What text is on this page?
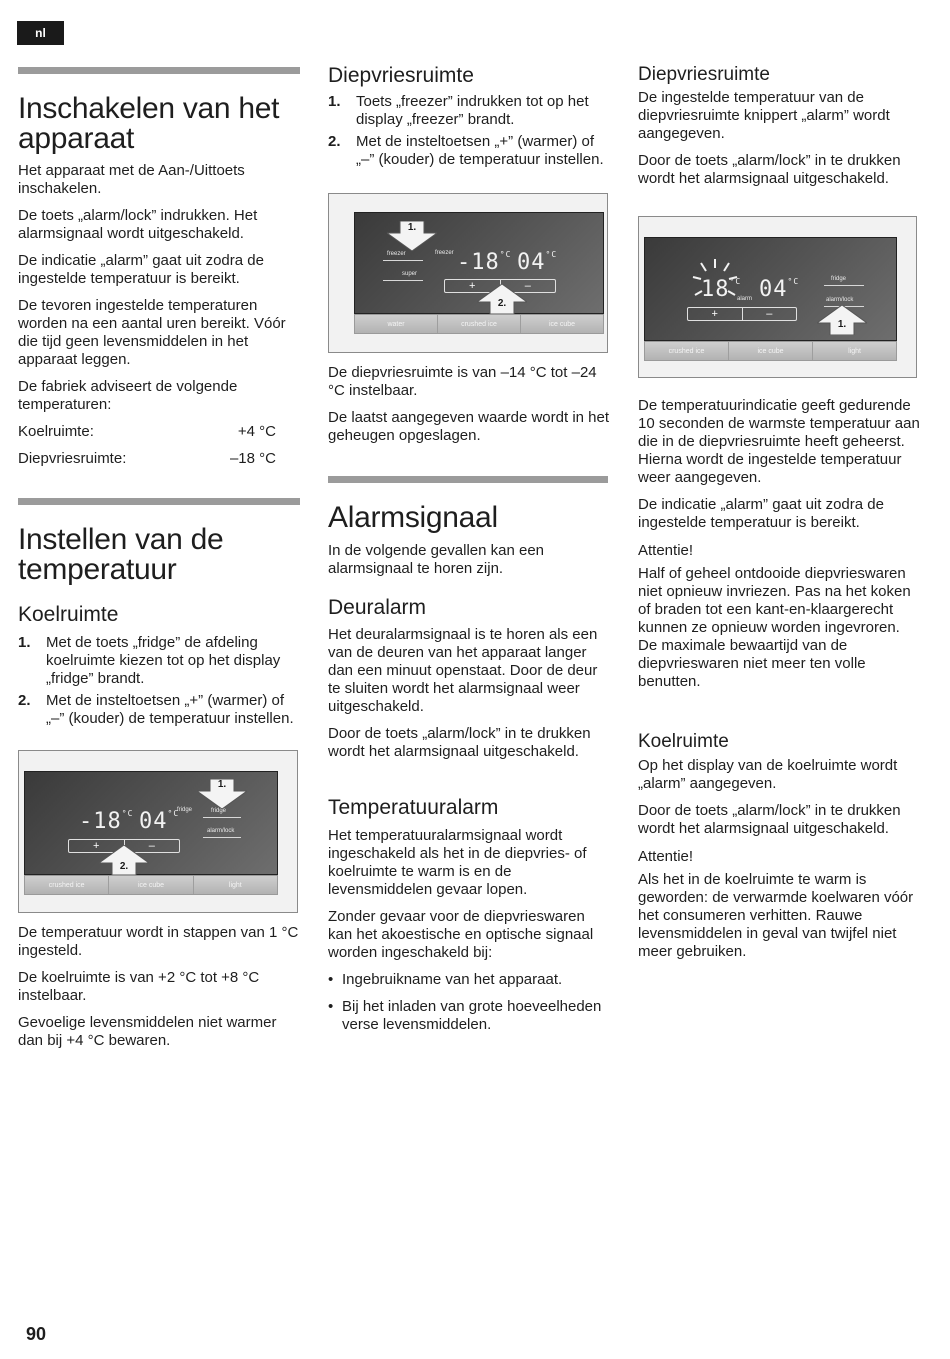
nl
Inschakelen van het apparaat

Het apparaat met de Aan-/Uittoets inschakelen.

De toets „alarm/lock” indrukken. Het alarmsignaal wordt uitgeschakeld.

De indicatie „alarm” gaat uit zodra de ingestelde temperatuur is bereikt.

De tevoren ingestelde temperaturen worden na een aantal uren bereikt. Vóór die tijd geen levensmiddelen in het apparaat leggen.

De fabriek adviseert de volgende temperaturen:

Koelruimte:	+4 °C
Diepvriesruimte:	–18 °C
Instellen van de temperatuur
Koelruimte
1. Met de toets „fridge” de afdeling koelruimte kiezen tot op het display „fridge” brandt.
2. Met de insteltoetsen „+” (warmer) of „–” (kouder) de temperatuur instellen.

De temperatuur wordt in stappen van 1 °C ingesteld.

De koelruimte is van +2 °C tot +8 °C instelbaar.

Gevoelige levensmiddelen niet warmer dan bij +4 °C bewaren.

$-18^{^\circ C}$ $04^{^\circ C}$
fridge	fridge
alarm/lock
+	–
1.
2.
crushed ice	ice cube	light
Diepvriesruimte
1. Toets „freezer” indrukken tot op het display „freezer” brandt.
2. Met de insteltoetsen „+” (warmer) of „–” (kouder) de temperatuur instellen.

De diepvriesruimte is van –14 °C tot –24 °C instelbaar.

De laatst aangegeven waarde wordt in het geheugen opgeslagen.

Alarmsignaal

In de volgende gevallen kan een alarmsignaal te horen zijn.

Deuralarm

Het deuralarmsignaal is te horen als een van de deuren van het apparaat langer dan een minuut openstaat. Door de deur te sluiten wordt het alarmsignaal weer uitgeschakeld.

Door de toets „alarm/lock” in te drukken wordt het alarmsignaal uitgeschakeld.

Temperatuuralarm

Het temperatuuralarmsignaal wordt ingeschakeld als het in de diepvries- of koelruimte te warm is en de levensmiddelen gevaar lopen.

Zonder gevaar voor de diepvrieswaren kan het akoestische en optische signaal worden ingeschakeld bij:

• Ingebruikname van het apparaat.
• Bij het inladen van grote hoeveelheden verse levensmiddelen.
freezer
super
freezer $-18^{^\circ C}$ $04^{^\circ C}$
+	–
1.
2.
water	crushed ice	ice cube
Diepvriesruimte

De ingestelde temperatuur van de diepvriesruimte knippert „alarm” wordt aangegeven.

Door de toets „alarm/lock” in te drukken wordt het alarmsignaal uitgeschakeld.

De temperatuurindicatie geeft gedurende 10 seconden de warmste temperatuur aan die in de diepvriesruimte heeft geheerst. Hierna wordt de ingestelde temperatuur weer aangegeven.

De indicatie „alarm” gaat uit zodra de ingestelde temperatuur is bereikt.

Attentie!

Half of geheel ontdooide diepvrieswaren niet opnieuw invriezen. Pas na het koken of braden tot een kant-en-klaargerecht kunnen ze opnieuw worden ingevroren. De maximale bewaartijd van de diepvrieswaren niet meer ten volle benutten.

Koelruimte

Op het display van de koelruimte wordt „alarm” aangegeven.

Door de toets „alarm/lock” in te drukken wordt het alarmsignaal uitgeschakeld.

Attentie!

Als het in de koelruimte te warm is geworden: de verwarmde koelwaren vóór het consumeren verhitten. Rauwe levensmiddelen in geval van twijfel niet meer gebruiken.

$18^{^\circ C}$
alarm $04^{^\circ C}$	fridge
alarm/lock
+	–
1.
crushed ice	ice cube	light
90
